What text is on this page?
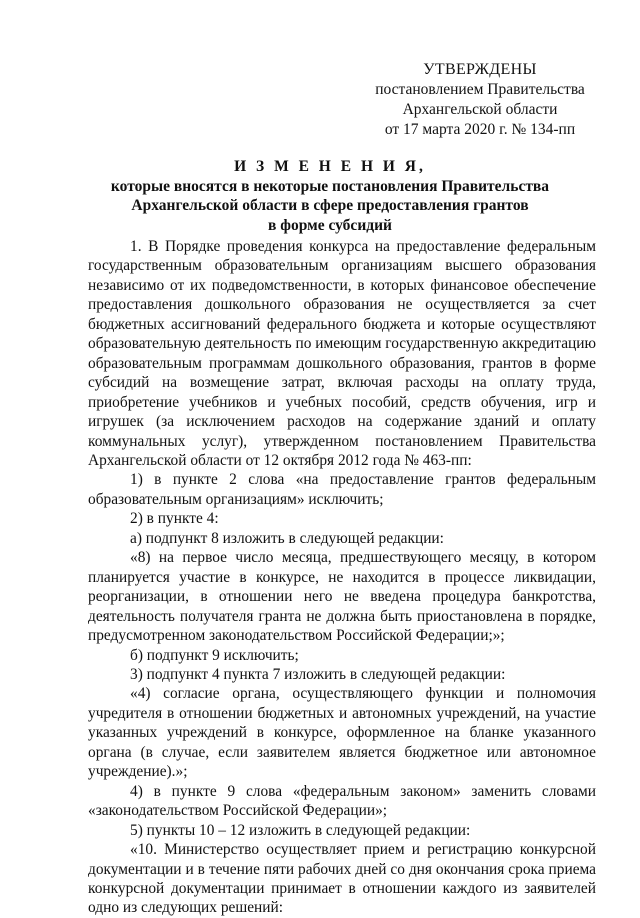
УТВЕРЖДЕНЫ
постановлением Правительства
Архангельской области
от 17 марта 2020 г. № 134-пп
И З М Е Н Е Н И Я,
которые вносятся в некоторые постановления Правительства
Архангельской области в сфере предоставления грантов
в форме субсидий

1. В Порядке проведения конкурса на предоставление федеральным государственным образовательным организациям высшего образования независимо от их подведомственности, в которых финансовое обеспечение предоставления дошкольного образования не осуществляется за счет бюджетных ассигнований федерального бюджета и которые осуществляют образовательную деятельность по имеющим государственную аккредитацию образовательным программам дошкольного образования, грантов в форме субсидий на возмещение затрат, включая расходы на оплату труда, приобретение учебников и учебных пособий, средств обучения, игр и игрушек (за исключением расходов на содержание зданий и оплату коммунальных услуг), утвержденном постановлением Правительства Архангельской области от 12 октября 2012 года № 463-пп:

1) в пункте 2 слова «на предоставление грантов федеральным образовательным организациям» исключить;

2) в пункте 4:

а) подпункт 8 изложить в следующей редакции:

«8) на первое число месяца, предшествующего месяцу, в котором планируется участие в конкурсе, не находится в процессе ликвидации, реорганизации, в отношении него не введена процедура банкротства, деятельность получателя гранта не должна быть приостановлена в порядке, предусмотренном законодательством Российской Федерации;»;

б) подпункт 9 исключить;

3) подпункт 4 пункта 7 изложить в следующей редакции:

«4) согласие органа, осуществляющего функции и полномочия учредителя в отношении бюджетных и автономных учреждений, на участие указанных учреждений в конкурсе, оформленное на бланке указанного органа (в случае, если заявителем является бюджетное или автономное учреждение).»;

4) в пункте 9 слова «федеральным законом» заменить словами «законодательством Российской Федерации»;

5) пункты 10 – 12 изложить в следующей редакции:

«10. Министерство осуществляет прием и регистрацию конкурсной документации и в течение пяти рабочих дней со дня окончания срока приема конкурсной документации принимает в отношении каждого из заявителей одно из следующих решений:
